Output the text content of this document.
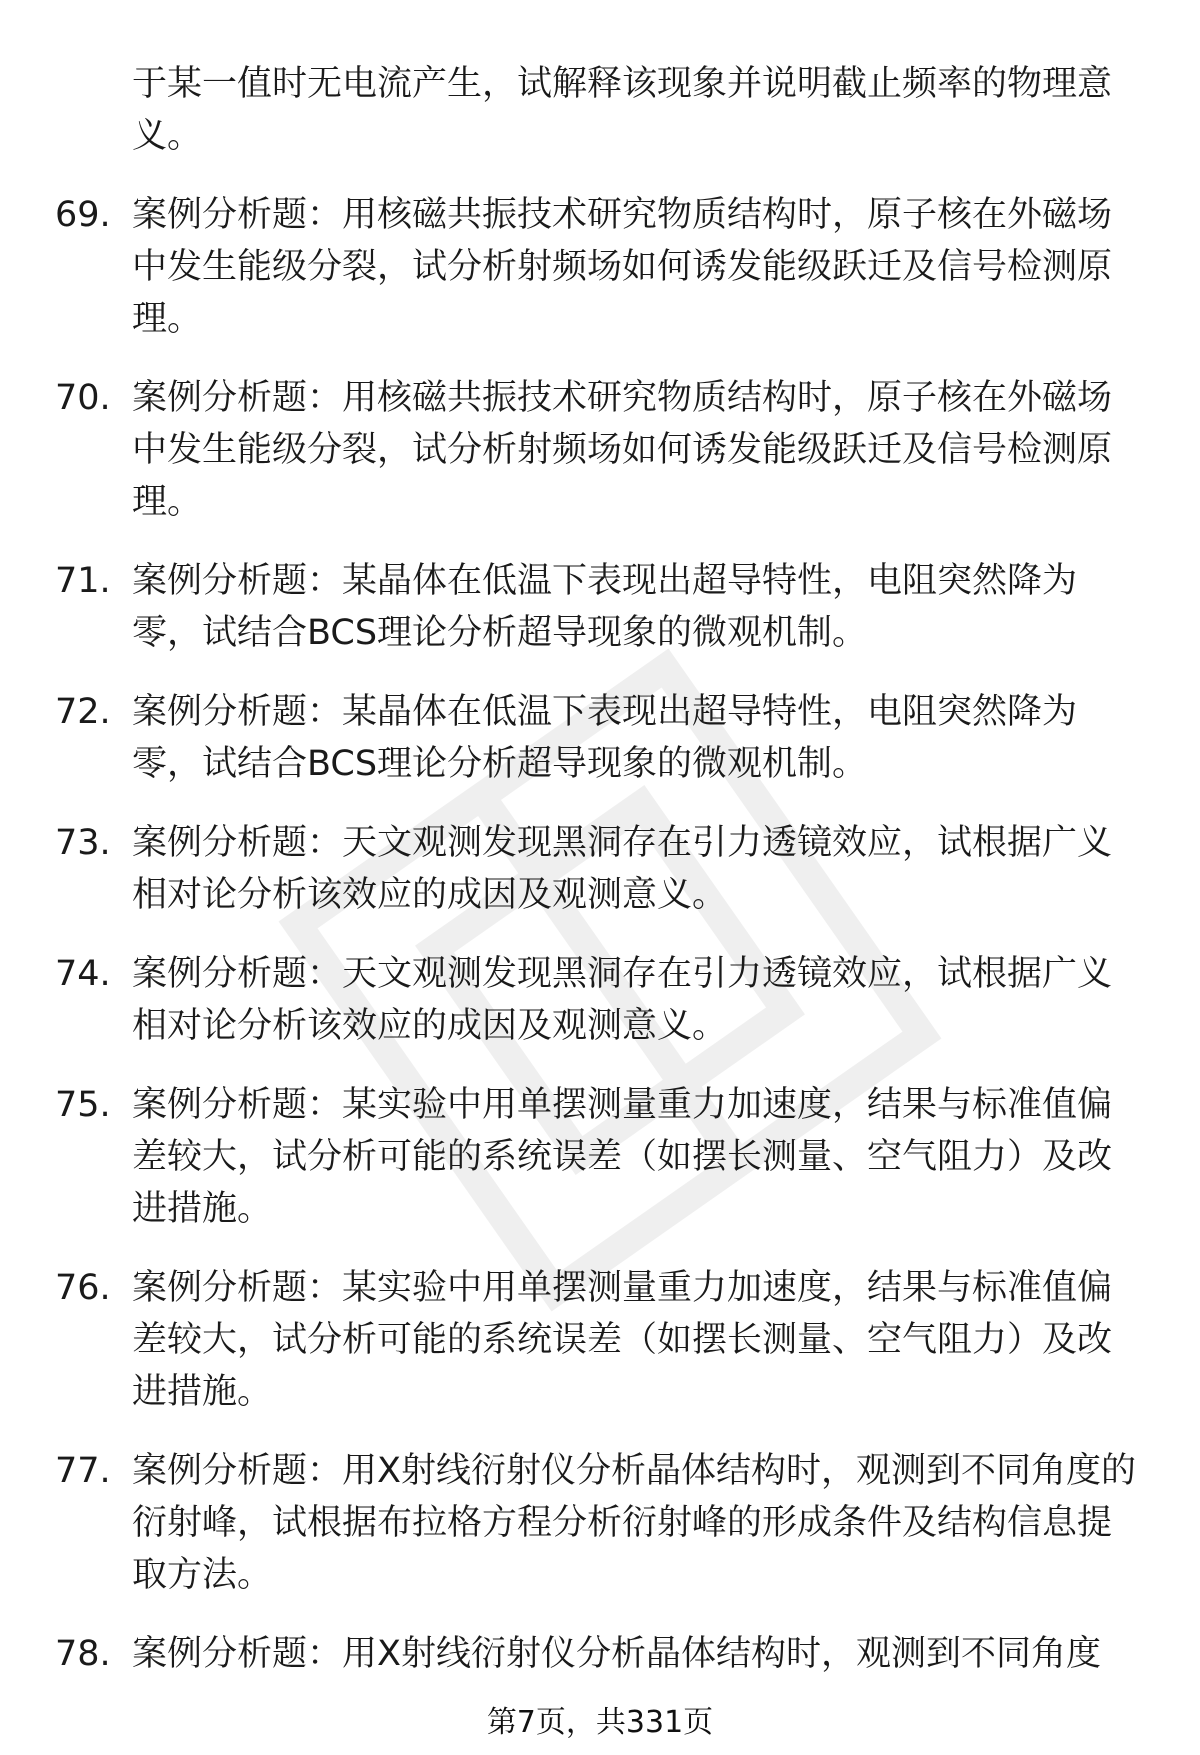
于某一值时无电流产生，试解释该现象并说明截止频率的物理意义。
69. 案例分析题：用核磁共振技术研究物质结构时，原子核在外磁场中发生能级分裂，试分析射频场如何诱发能级跃迁及信号检测原理。
70. 案例分析题：用核磁共振技术研究物质结构时，原子核在外磁场中发生能级分裂，试分析射频场如何诱发能级跃迁及信号检测原理。
71. 案例分析题：某晶体在低温下表现出超导特性，电阻突然降为零，试结合BCS理论分析超导现象的微观机制。
72. 案例分析题：某晶体在低温下表现出超导特性，电阻突然降为零，试结合BCS理论分析超导现象的微观机制。
73. 案例分析题：天文观测发现黑洞存在引力透镜效应，试根据广义相对论分析该效应的成因及观测意义。
74. 案例分析题：天文观测发现黑洞存在引力透镜效应，试根据广义相对论分析该效应的成因及观测意义。
75. 案例分析题：某实验中用单摆测量重力加速度，结果与标准值偏差较大，试分析可能的系统误差（如摆长测量、空气阻力）及改进措施。
76. 案例分析题：某实验中用单摆测量重力加速度，结果与标准值偏差较大，试分析可能的系统误差（如摆长测量、空气阻力）及改进措施。
77. 案例分析题：用X射线衍射仪分析晶体结构时，观测到不同角度的衍射峰，试根据布拉格方程分析衍射峰的形成条件及结构信息提取方法。
78. 案例分析题：用X射线衍射仪分析晶体结构时，观测到不同角度
第7页，共331页
